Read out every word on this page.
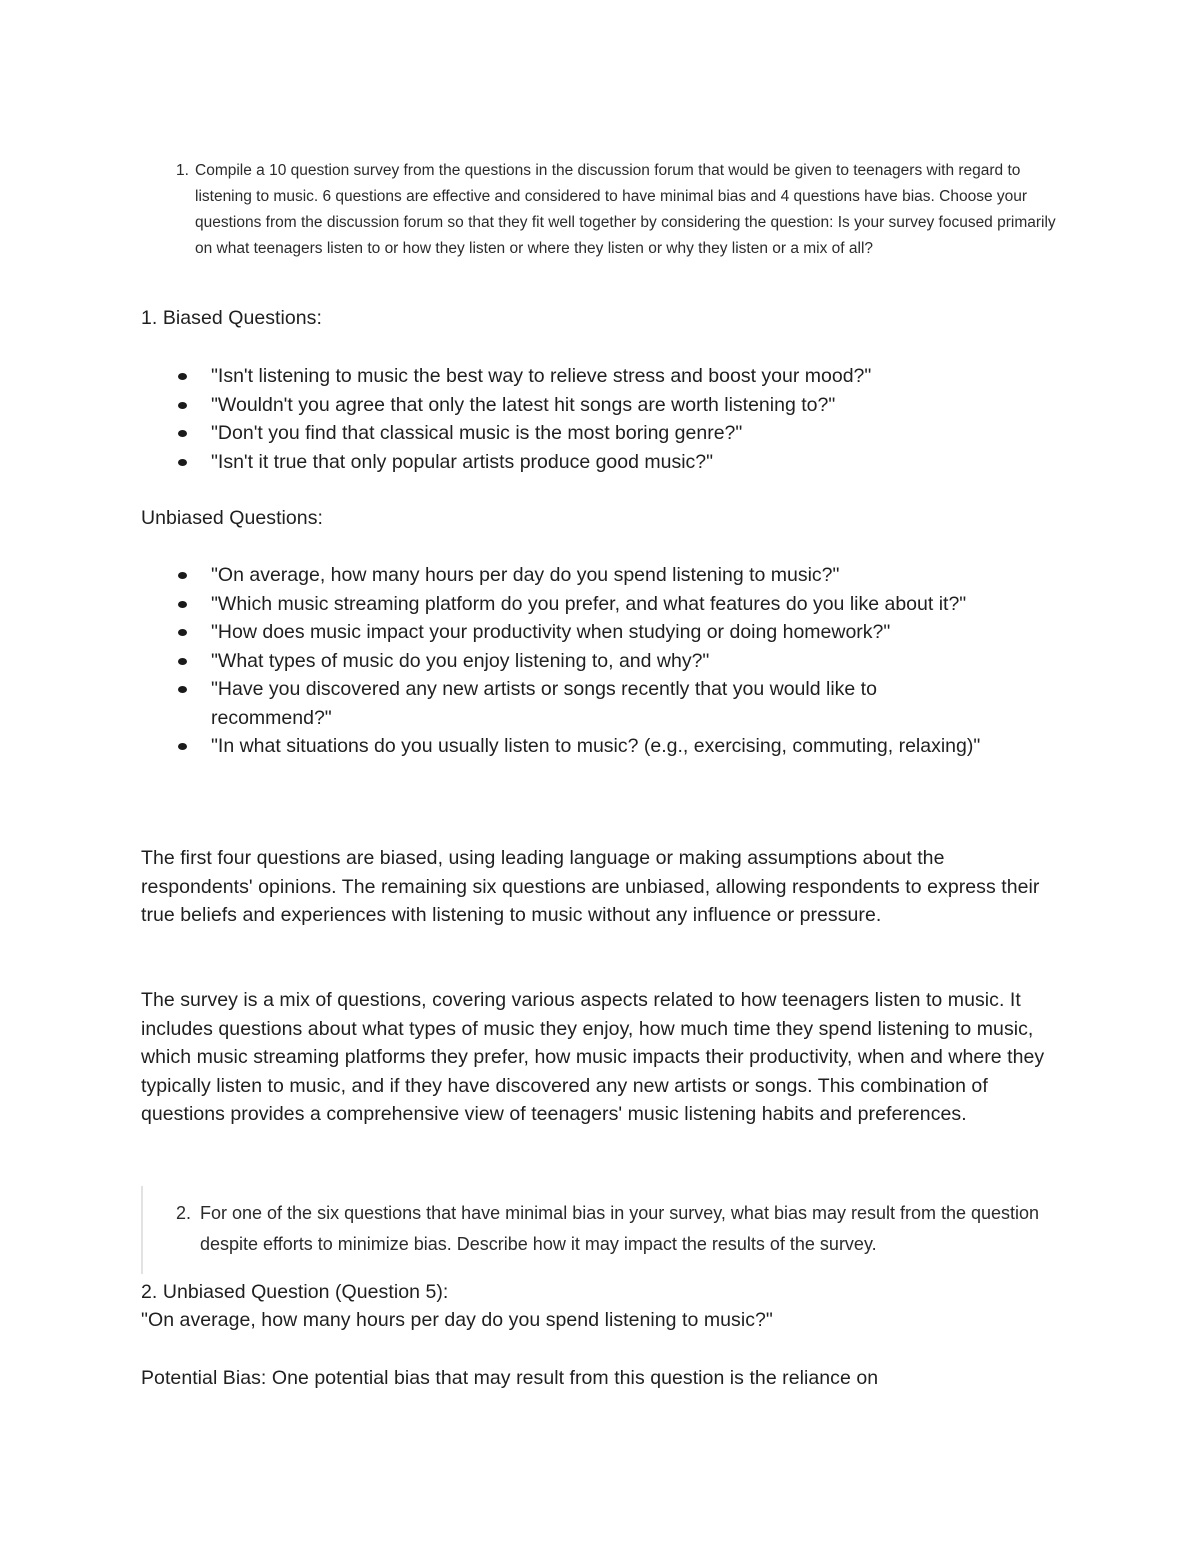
1. Compile a 10 question survey from the questions in the discussion forum that would be given to teenagers with regard to listening to music. 6 questions are effective and considered to have minimal bias and 4 questions have bias. Choose your questions from the discussion forum so that they fit well together by considering the question: Is your survey focused primarily on what teenagers listen to or how they listen or where they listen or why they listen or a mix of all?
1. Biased Questions:
"Isn't listening to music the best way to relieve stress and boost your mood?"
"Wouldn't you agree that only the latest hit songs are worth listening to?"
"Don't you find that classical music is the most boring genre?"
"Isn't it true that only popular artists produce good music?"
Unbiased Questions:
"On average, how many hours per day do you spend listening to music?"
"Which music streaming platform do you prefer, and what features do you like about it?"
"How does music impact your productivity when studying or doing homework?"
"What types of music do you enjoy listening to, and why?"
"Have you discovered any new artists or songs recently that you would like to recommend?"
"In what situations do you usually listen to music? (e.g., exercising, commuting, relaxing)"
The first four questions are biased, using leading language or making assumptions about the respondents' opinions. The remaining six questions are unbiased, allowing respondents to express their true beliefs and experiences with listening to music without any influence or pressure.
The survey is a mix of questions, covering various aspects related to how teenagers listen to music. It includes questions about what types of music they enjoy, how much time they spend listening to music, which music streaming platforms they prefer, how music impacts their productivity, when and where they typically listen to music, and if they have discovered any new artists or songs. This combination of questions provides a comprehensive view of teenagers' music listening habits and preferences.
2. For one of the six questions that have minimal bias in your survey, what bias may result from the question despite efforts to minimize bias. Describe how it may impact the results of the survey.
2. Unbiased Question (Question 5):
"On average, how many hours per day do you spend listening to music?"
Potential Bias: One potential bias that may result from this question is the reliance on
